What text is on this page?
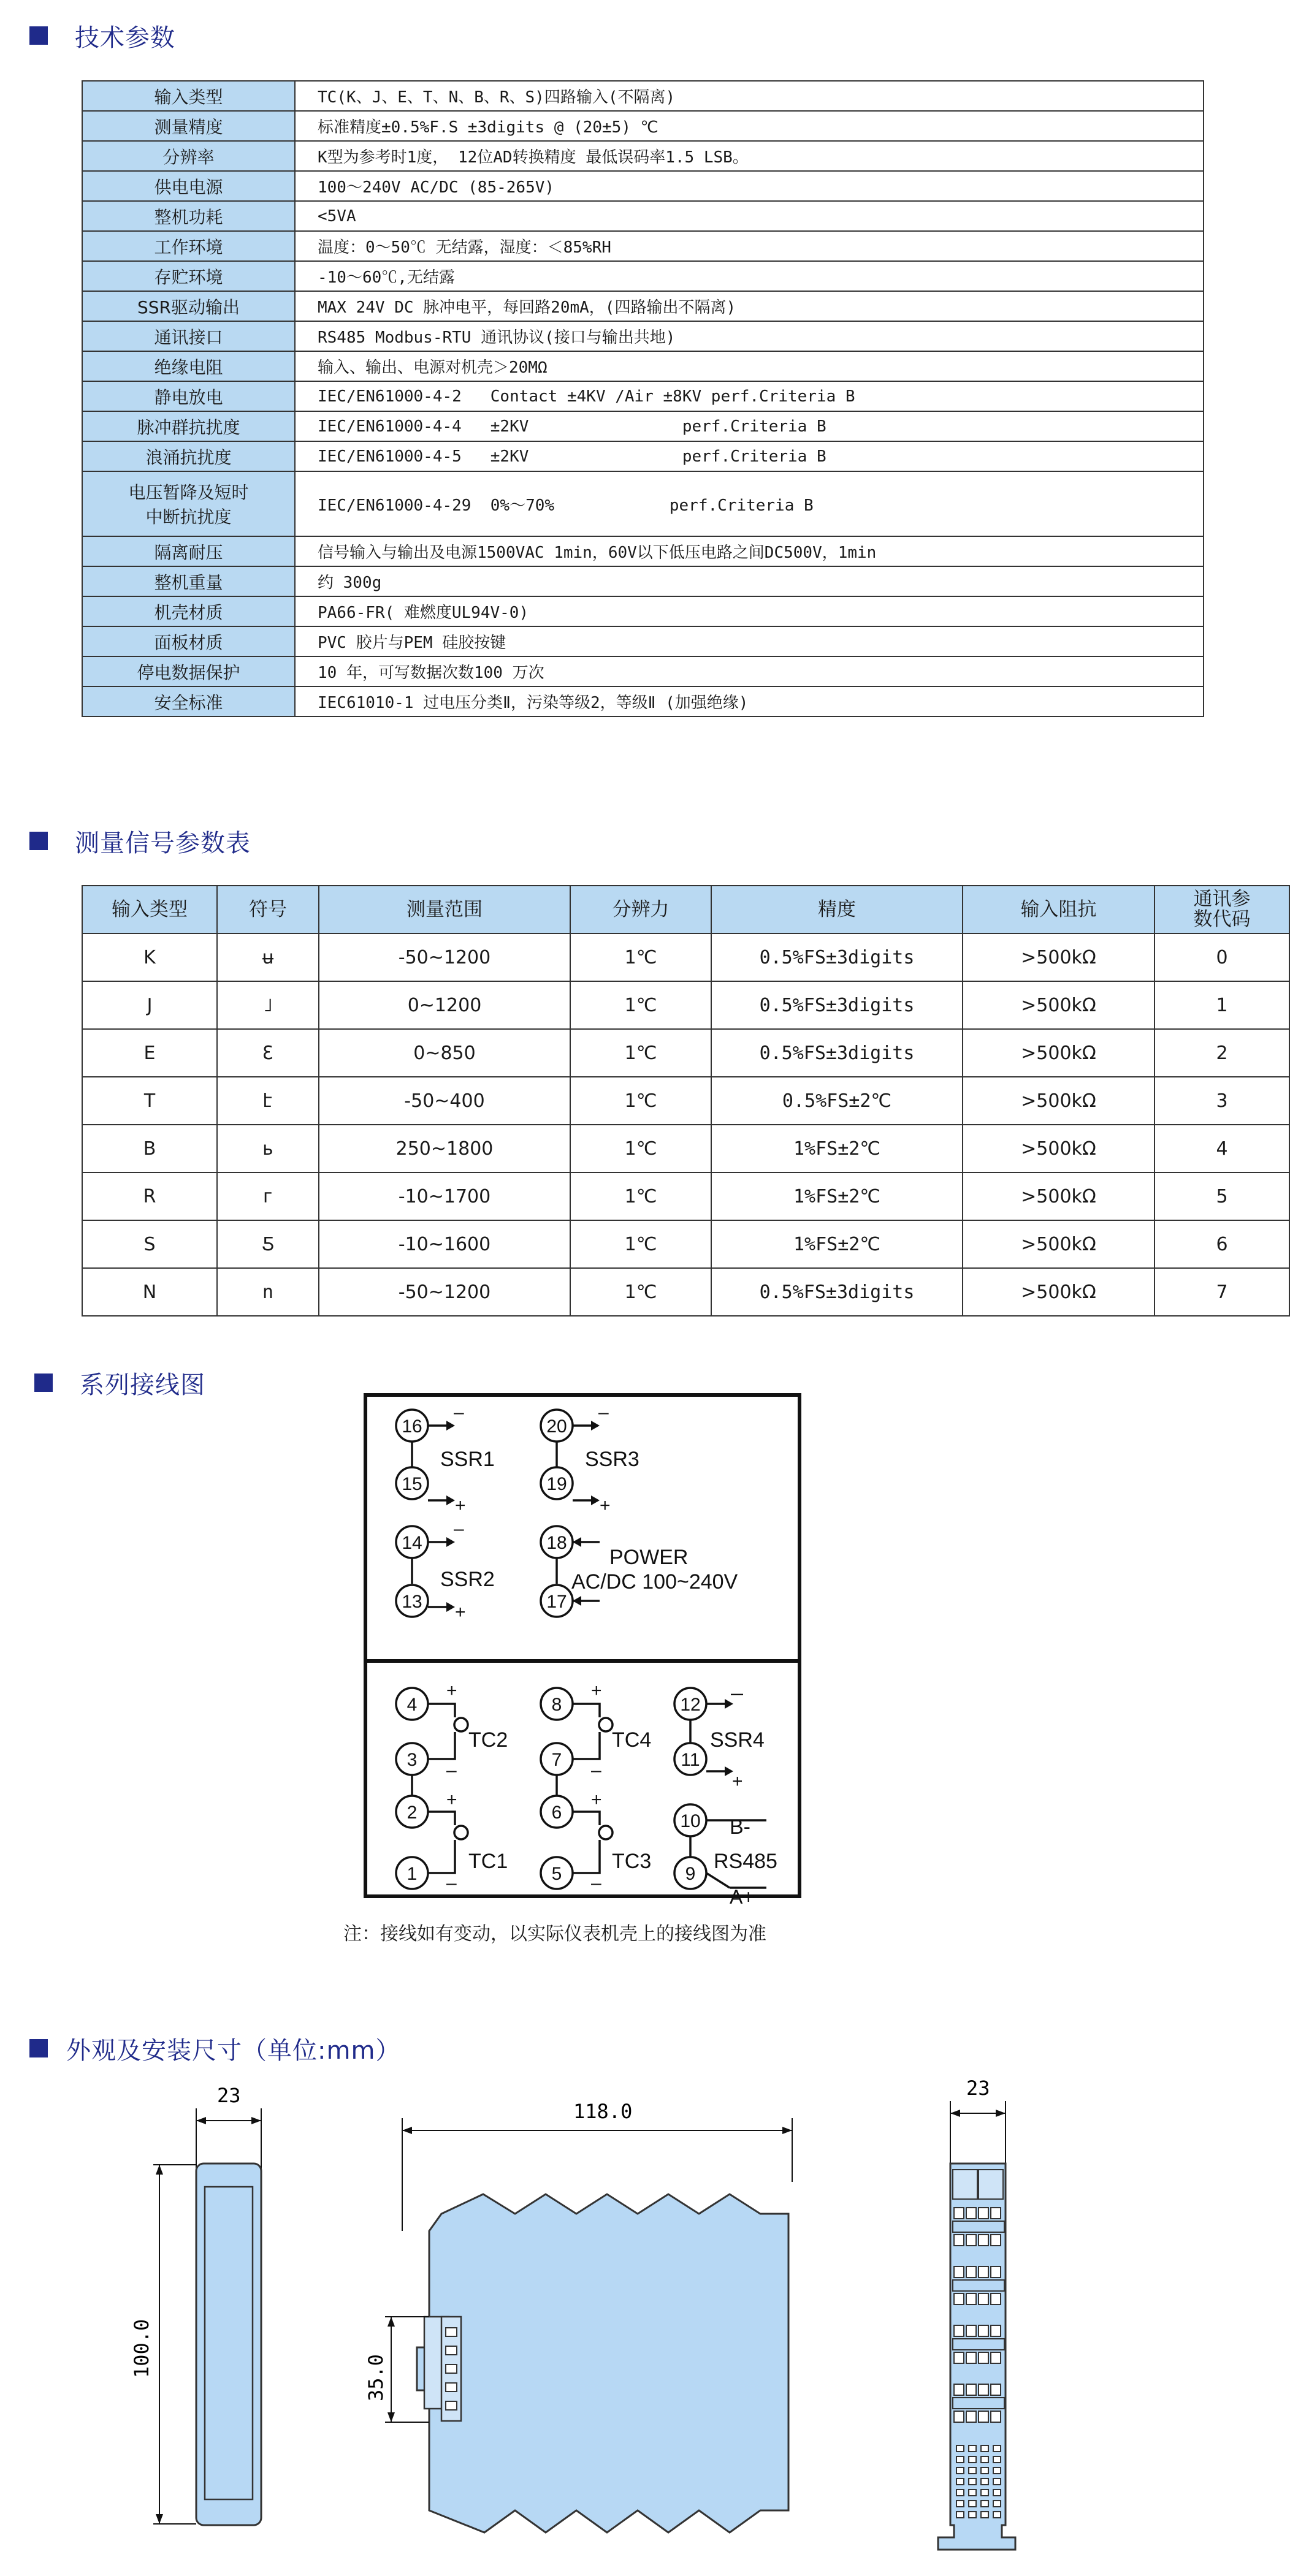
技术参数
输入类型	TC(K、J、E、T、N、B、R、S)四路输入(不隔离)
测量精度	标准精度±0.5%F.S ±3digits @ (20±5) ℃
分辨率	K型为参考时1度， 12位AD转换精度 最低误码率1.5 LSB。
供电电源	100～240V AC/DC (85-265V)
整机功耗	<5VA
工作环境	温度：0～50℃ 无结露，湿度：＜85%RH
存贮环境	-10～60℃,无结露
SSR驱动输出	MAX 24V DC 脉冲电平，每回路20mA，(四路输出不隔离)
通讯接口	RS485 Modbus-RTU 通讯协议(接口与输出共地)
绝缘电阻	输入、输出、电源对机壳＞20MΩ
静电放电	IEC/EN61000-4-2   Contact ±4KV /Air ±8KV perf.Criteria B
脉冲群抗扰度	IEC/EN61000-4-4   ±2KV                perf.Criteria B
浪涌抗扰度	IEC/EN61000-4-5   ±2KV                perf.Criteria B

电压暂降及短时
中断抗扰度	IEC/EN61000-4-29  0%～70%            perf.Criteria B
隔离耐压	信号输入与输出及电源1500VAC 1min，60V以下低压电路之间DC500V，1min
整机重量	约 300g
机壳材质	PA66-FR( 难燃度UL94V-0)
面板材质	PVC 胶片与PEM 硅胶按键
停电数据保护	10 年，可写数据次数100 万次
安全标准	IEC61010-1 过电压分类Ⅱ，污染等级2，等级Ⅱ (加强绝缘)
测量信号参数表
输入类型	符号	测量范围	分辨力	精度	输入阻抗	通讯参
数代码

K	ʉ	-50~1200	1℃	0.5%FS±3digits	>500kΩ	0
J	˩	0~1200	1℃	0.5%FS±3digits	>500kΩ	1
E	Ɛ	0~850	1℃	0.5%FS±3digits	>500kΩ	2
T	է	-50~400	1℃	0.5%FS±2℃	>500kΩ	3
B	ь	250~1800	1℃	1%FS±2℃	>500kΩ	4
R	г	-10~1700	1℃	1%FS±2℃	>500kΩ	5
S	Ƽ	-10~1600	1℃	1%FS±2℃	>500kΩ	6
N	ո	-50~1200	1℃	0.5%FS±3digits	>500kΩ	7
系列接线图
SSR1	SSR3
SSR2
POWER
AC/DC 100~240V
TC2
TC1
TC4
TC3
SSR4
B-
RS485
A+
16
–
15
+
14
–
13
+
20
–
19
+
18
17
4
3
+
–
2
1
+
–
8
7
+
–
6
5
+
–
12 –
11
+
10
9
注：接线如有变动，以实际仪表机壳上的接线图为准
外观及安装尺寸（单位:mm）
23
100.0
118.0
35.0
23
